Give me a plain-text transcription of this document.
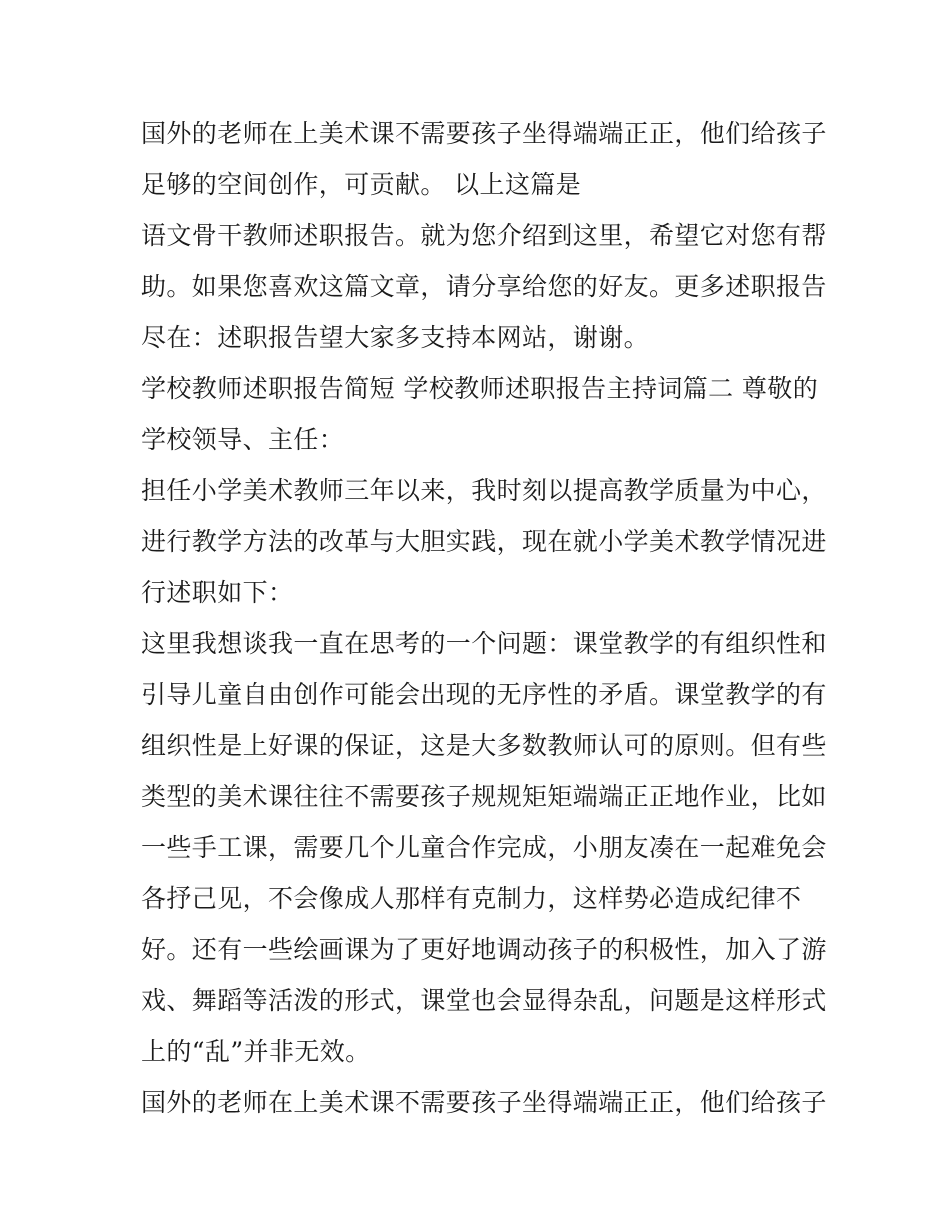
国外的老师在上美术课不需要孩子坐得端端正正，他们给孩子
足够的空间创作，可贡献。 以上这篇是
语文骨干教师述职报告。就为您介绍到这里，希望它对您有帮
助。如果您喜欢这篇文章，请分享给您的好友。更多述职报告
尽在：述职报告望大家多支持本网站，谢谢。
学校教师述职报告简短 学校教师述职报告主持词篇二 尊敬的
学校领导、主任：
担任小学美术教师三年以来，我时刻以提高教学质量为中心，
进行教学方法的改革与大胆实践，现在就小学美术教学情况进
行述职如下：
这里我想谈我一直在思考的一个问题：课堂教学的有组织性和
引导儿童自由创作可能会出现的无序性的矛盾。课堂教学的有
组织性是上好课的保证，这是大多数教师认可的原则。但有些
类型的美术课往往不需要孩子规规矩矩端端正正地作业，比如
一些手工课，需要几个儿童合作完成，小朋友凑在一起难免会
各抒己见，不会像成人那样有克制力，这样势必造成纪律不
好。还有一些绘画课为了更好地调动孩子的积极性，加入了游
戏、舞蹈等活泼的形式，课堂也会显得杂乱，问题是这样形式
上的“乱”并非无效。
国外的老师在上美术课不需要孩子坐得端端正正，他们给孩子
